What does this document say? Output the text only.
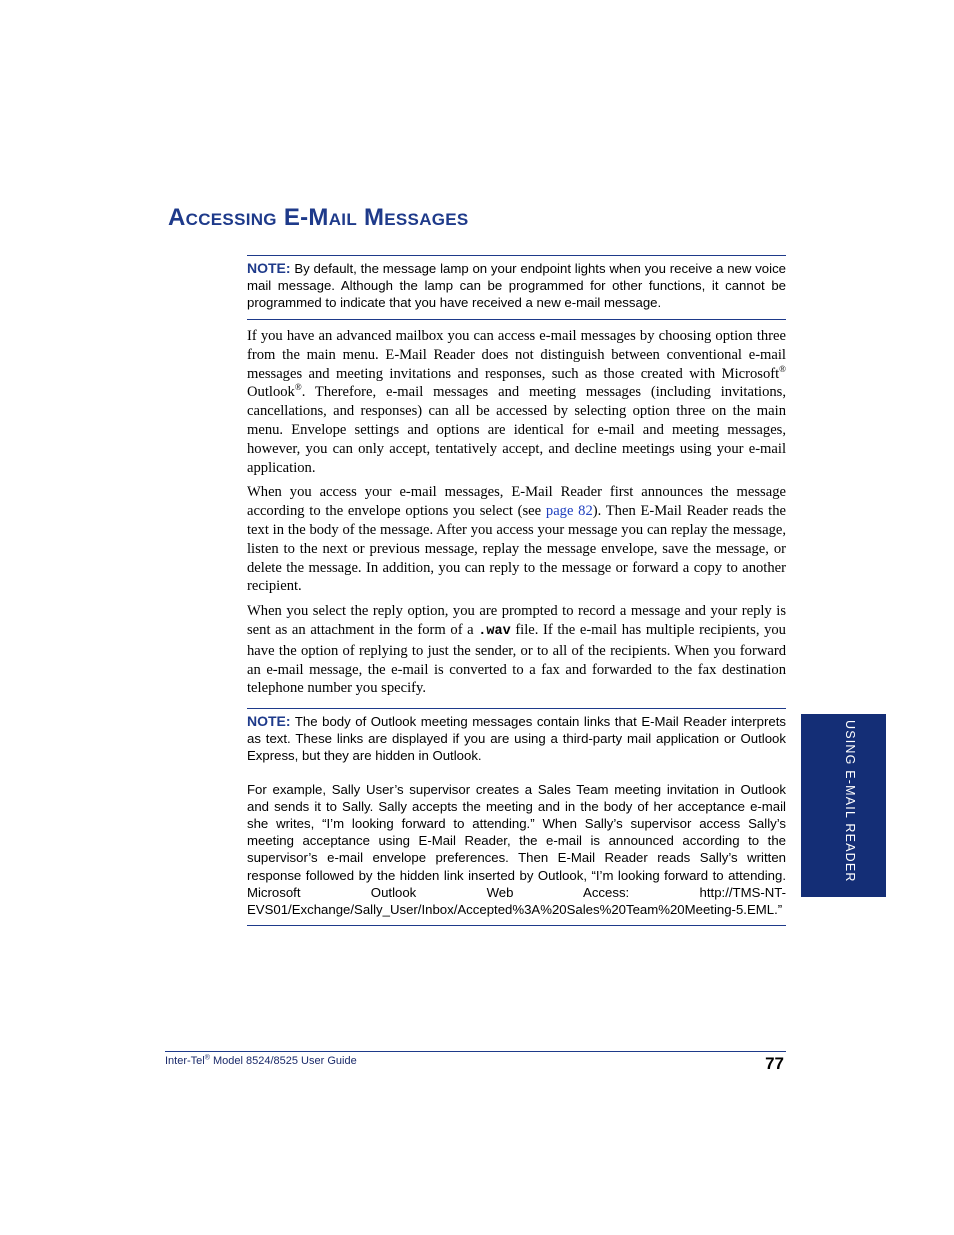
ACCESSING E-MAIL MESSAGES

NOTE: By default, the message lamp on your endpoint lights when you receive a new voice mail message. Although the lamp can be programmed for other functions, it cannot be programmed to indicate that you have received a new e-mail message.

If you have an advanced mailbox you can access e-mail messages by choosing option three from the main menu. E-Mail Reader does not distinguish between conventional e-mail messages and meeting invitations and responses, such as those created with Microsoft® Outlook®. Therefore, e-mail messages and meeting messages (including invitations, cancellations, and responses) can all be accessed by selecting option three on the main menu. Envelope settings and options are identical for e-mail and meeting messages, however, you can only accept, tentatively accept, and decline meetings using your e-mail application.

When you access your e-mail messages, E-Mail Reader first announces the message according to the envelope options you select (see page 82). Then E-Mail Reader reads the text in the body of the message. After you access your message you can replay the message, listen to the next or previous message, replay the message envelope, save the message, or delete the message. In addition, you can reply to the message or forward a copy to another recipient.

When you select the reply option, you are prompted to record a message and your reply is sent as an attachment in the form of a .wav file. If the e-mail has multiple recipients, you have the option of replying to just the sender, or to all of the recipients. When you forward an e-mail message, the e-mail is converted to a fax and forwarded to the fax destination telephone number you specify.

NOTE: The body of Outlook meeting messages contain links that E-Mail Reader interprets as text. These links are displayed if you are using a third-party mail application or Outlook Express, but they are hidden in Outlook.

For example, Sally User’s supervisor creates a Sales Team meeting invitation in Outlook and sends it to Sally. Sally accepts the meeting and in the body of her acceptance e-mail she writes, “I’m looking forward to attending.” When Sally’s supervisor access Sally’s meeting acceptance using E-Mail Reader, the e-mail is announced according to the supervisor’s e-mail envelope preferences. Then E-Mail Reader reads Sally’s written response followed by the hidden link inserted by Outlook, “I’m looking forward to attending. Microsoft Outlook Web Access: http://TMS-NT-EVS01/Exchange/Sally_User/Inbox/Accepted%3A%20Sales%20Team%20Meeting-5.EML.”

USING E-MAIL READER
Inter-Tel® Model 8524/8525 User Guide	77
